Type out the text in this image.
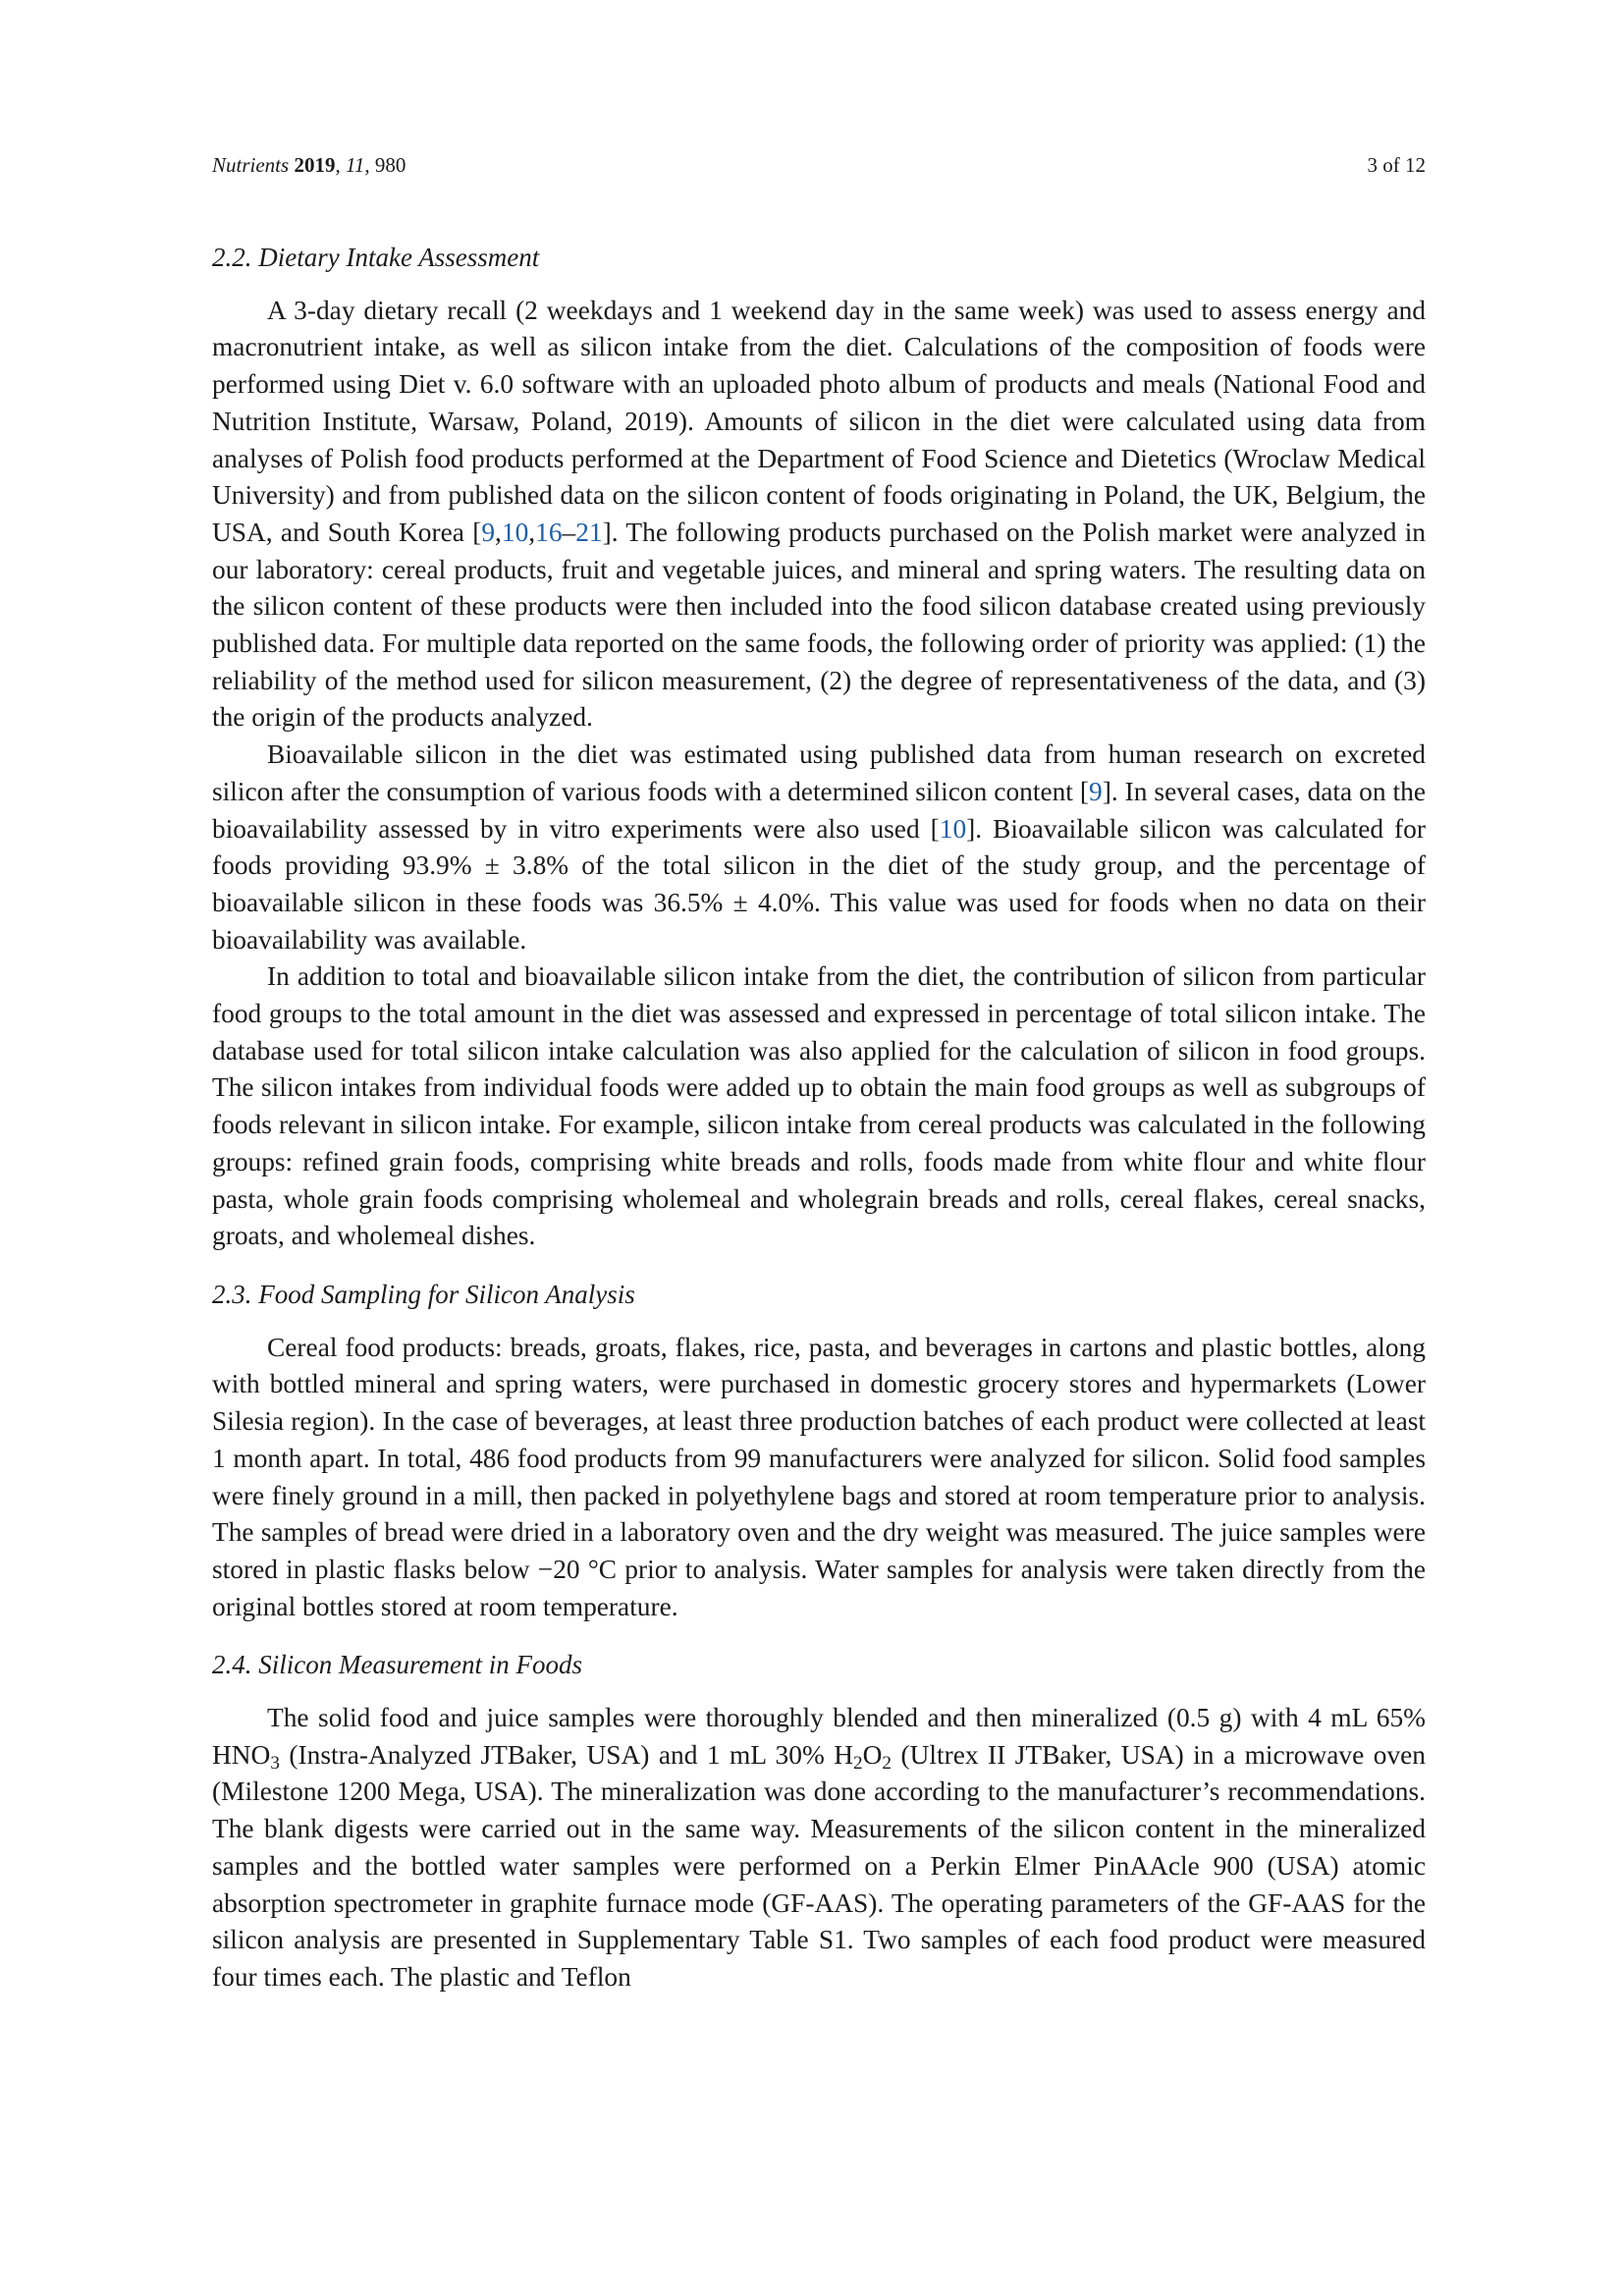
Nutrients 2019, 11, 980	3 of 12
2.2. Dietary Intake Assessment

A 3-day dietary recall (2 weekdays and 1 weekend day in the same week) was used to assess energy and macronutrient intake, as well as silicon intake from the diet. Calculations of the composition of foods were performed using Diet v. 6.0 software with an uploaded photo album of products and meals (National Food and Nutrition Institute, Warsaw, Poland, 2019). Amounts of silicon in the diet were calculated using data from analyses of Polish food products performed at the Department of Food Science and Dietetics (Wroclaw Medical University) and from published data on the silicon content of foods originating in Poland, the UK, Belgium, the USA, and South Korea [9,10,16–21]. The following products purchased on the Polish market were analyzed in our laboratory: cereal products, fruit and vegetable juices, and mineral and spring waters. The resulting data on the silicon content of these products were then included into the food silicon database created using previously published data. For multiple data reported on the same foods, the following order of priority was applied: (1) the reliability of the method used for silicon measurement, (2) the degree of representativeness of the data, and (3) the origin of the products analyzed.

Bioavailable silicon in the diet was estimated using published data from human research on excreted silicon after the consumption of various foods with a determined silicon content [9]. In several cases, data on the bioavailability assessed by in vitro experiments were also used [10]. Bioavailable silicon was calculated for foods providing 93.9% ± 3.8% of the total silicon in the diet of the study group, and the percentage of bioavailable silicon in these foods was 36.5% ± 4.0%. This value was used for foods when no data on their bioavailability was available.

In addition to total and bioavailable silicon intake from the diet, the contribution of silicon from particular food groups to the total amount in the diet was assessed and expressed in percentage of total silicon intake. The database used for total silicon intake calculation was also applied for the calculation of silicon in food groups. The silicon intakes from individual foods were added up to obtain the main food groups as well as subgroups of foods relevant in silicon intake. For example, silicon intake from cereal products was calculated in the following groups: refined grain foods, comprising white breads and rolls, foods made from white flour and white flour pasta, whole grain foods comprising wholemeal and wholegrain breads and rolls, cereal flakes, cereal snacks, groats, and wholemeal dishes.

2.3. Food Sampling for Silicon Analysis

Cereal food products: breads, groats, flakes, rice, pasta, and beverages in cartons and plastic bottles, along with bottled mineral and spring waters, were purchased in domestic grocery stores and hypermarkets (Lower Silesia region). In the case of beverages, at least three production batches of each product were collected at least 1 month apart. In total, 486 food products from 99 manufacturers were analyzed for silicon. Solid food samples were finely ground in a mill, then packed in polyethylene bags and stored at room temperature prior to analysis. The samples of bread were dried in a laboratory oven and the dry weight was measured. The juice samples were stored in plastic flasks below −20 °C prior to analysis. Water samples for analysis were taken directly from the original bottles stored at room temperature.

2.4. Silicon Measurement in Foods

The solid food and juice samples were thoroughly blended and then mineralized (0.5 g) with 4 mL 65% $HNO_3$ (Instra-Analyzed JTBaker, USA) and 1 mL 30% $H_2O_2$ (Ultrex II JTBaker, USA) in a microwave oven (Milestone 1200 Mega, USA). The mineralization was done according to the manufacturer’s recommendations. The blank digests were carried out in the same way. Measurements of the silicon content in the mineralized samples and the bottled water samples were performed on a Perkin Elmer PinAAcle 900 (USA) atomic absorption spectrometer in graphite furnace mode (GF-AAS). The operating parameters of the GF-AAS for the silicon analysis are presented in Supplementary Table S1. Two samples of each food product were measured four times each. The plastic and Teflon
